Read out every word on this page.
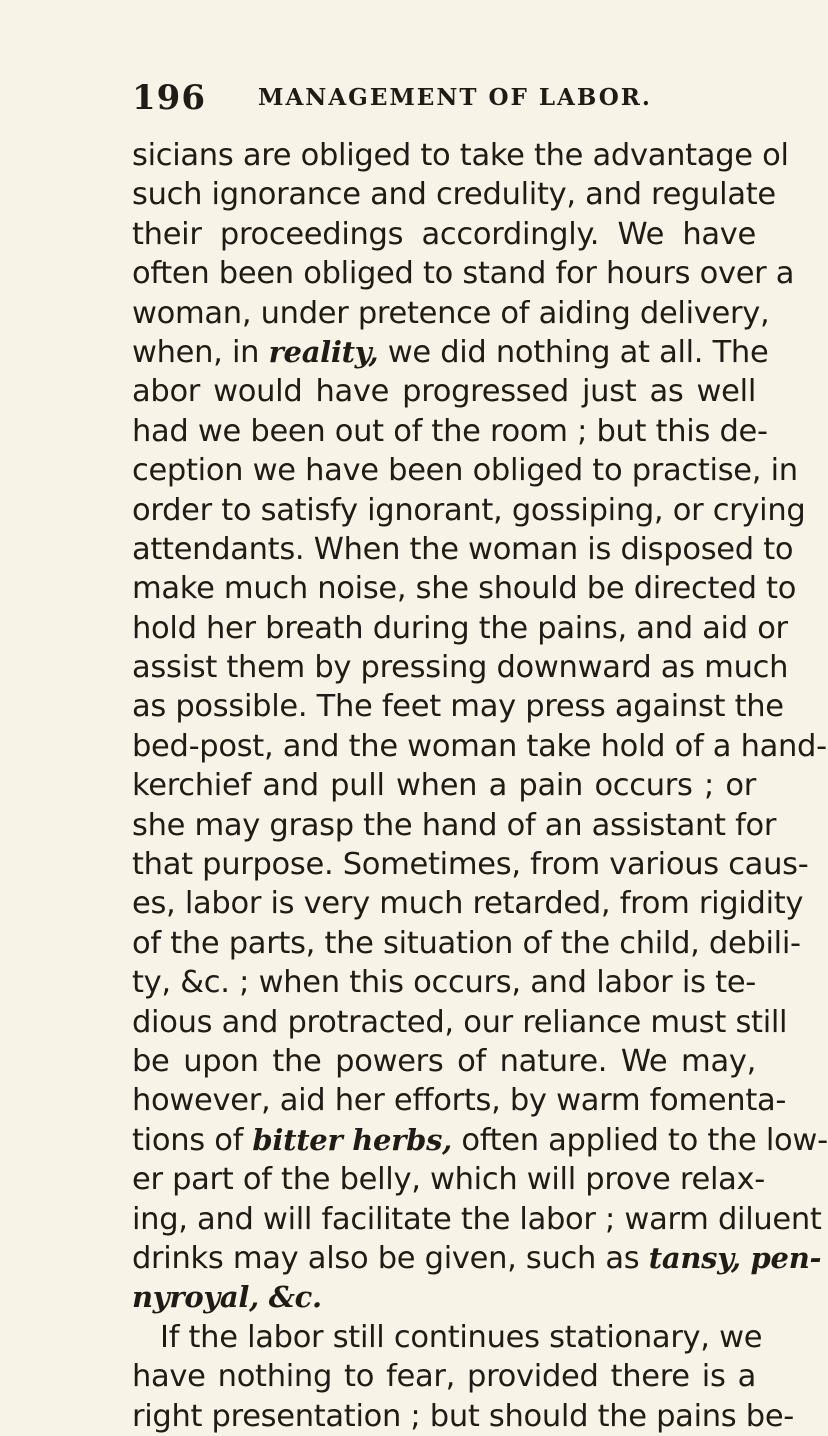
196 MANAGEMENT OF LABOR.
sicians are obliged to take the advantage ol
such ignorance and credulity, and regulate
their proceedings accordingly. We have
often been obliged to stand for hours over a
woman, under pretence of aiding delivery,
when, in reality, we did nothing at all. The
abor would have progressed just as well
had we been out of the room ; but this de-
ception we have been obliged to practise, in
order to satisfy ignorant, gossiping, or crying
attendants. When the woman is disposed to
make much noise, she should be directed to
hold her breath during the pains, and aid or
assist them by pressing downward as much
as possible. The feet may press against the
bed-post, and the woman take hold of a hand-
kerchief and pull when a pain occurs ; or
she may grasp the hand of an assistant for
that purpose. Sometimes, from various caus-
es, labor is very much retarded, from rigidity
of the parts, the situation of the child, debili-
ty, &c. ; when this occurs, and labor is te-
dious and protracted, our reliance must still
be upon the powers of nature. We may,
however, aid her efforts, by warm fomenta-
tions of bitter herbs, often applied to the low-
er part of the belly, which will prove relax-
ing, and will facilitate the labor ; warm diluent
drinks may also be given, such as tansy, pen-
nyroyal, &c.
If the labor still continues stationary, we
have nothing to fear, provided there is a
right presentation ; but should the pains be-
